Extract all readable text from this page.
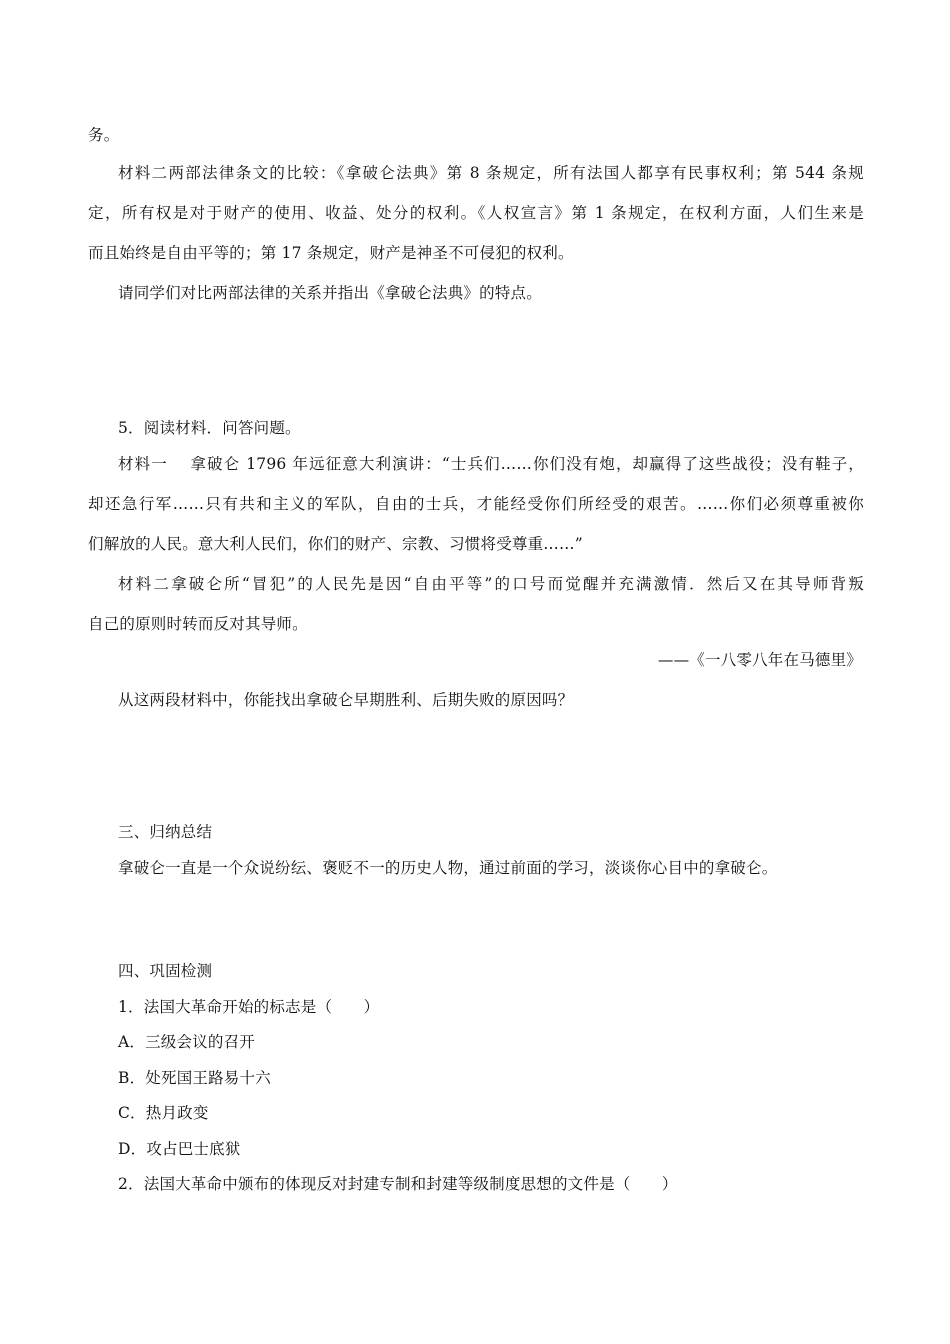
务。
材料二两部法律条文的比较：《拿破仑法典》第 8 条规定，所有法国人都享有民事权利；第 544 条规
定，所有权是对于财产的使用、收益、处分的权利。《人权宣言》第 1 条规定，在权利方面，人们生来是
而且始终是自由平等的；第 17 条规定，财产是神圣不可侵犯的权利。
请同学们对比两部法律的关系并指出《拿破仑法典》的特点。
5．阅读材料．问答问题。
材料一　 拿破仑 1796 年远征意大利演讲：“士兵们……你们没有炮，却赢得了这些战役；没有鞋子，
却还急行军……只有共和主义的军队，自由的士兵，才能经受你们所经受的艰苦。……你们必须尊重被你
们解放的人民。意大利人民们，你们的财产、宗教、习惯将受尊重……”
材料二拿破仑所“冒犯”的人民先是因“自由平等”的口号而觉醒并充满激情．然后又在其导师背叛
自己的原则时转而反对其导师。
——《一八零八年在马德里》
从这两段材料中，你能找出拿破仑早期胜利、后期失败的原因吗？
三、归纳总结
拿破仑一直是一个众说纷纭、褒贬不一的历史人物，通过前面的学习，淡谈你心目中的拿破仑。
四、巩固检测
1．法国大革命开始的标志是（　　）
A．三级会议的召开
B．处死国王路易十六
C．热月政变
D．攻占巴士底狱
2．法国大革命中颁布的体现反对封建专制和封建等级制度思想的文件是（　　）
